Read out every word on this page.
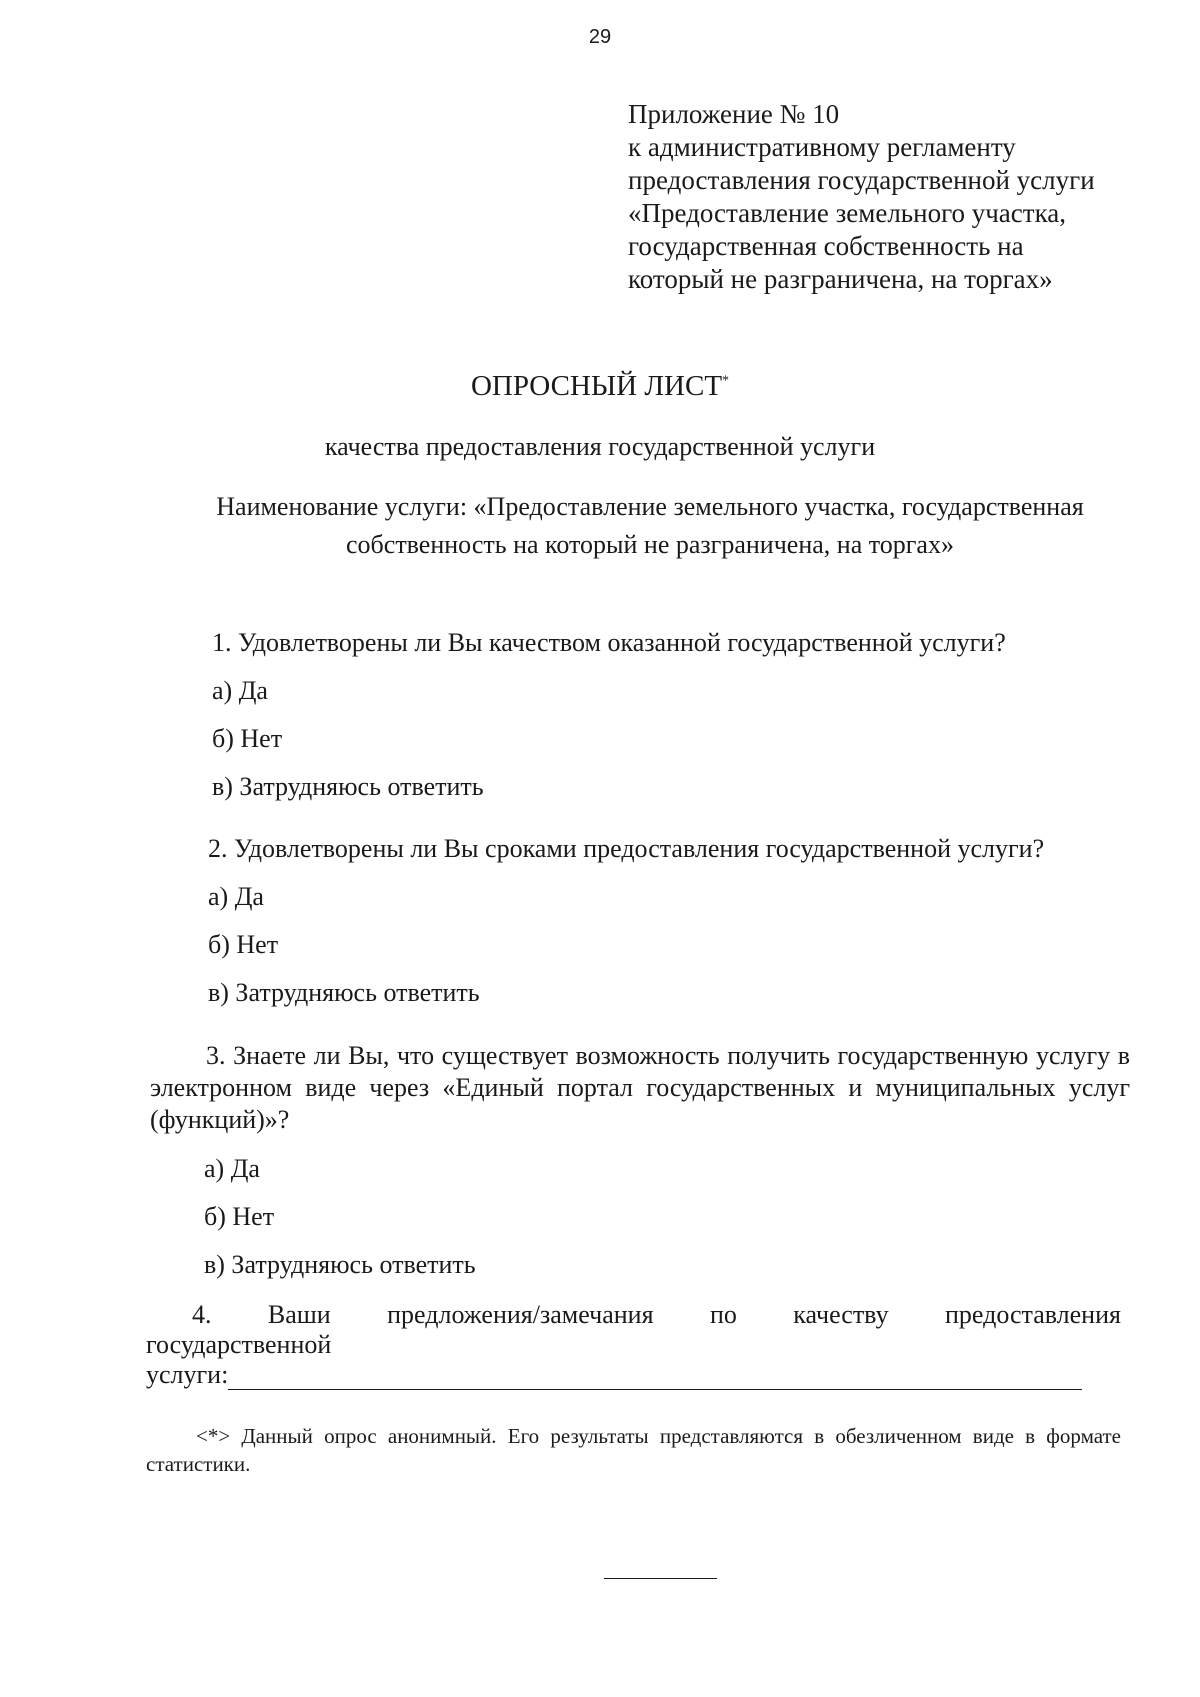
29
Приложение № 10
к административному регламенту
предоставления государственной услуги
«Предоставление земельного участка,
государственная собственность на
который не разграничена, на торгах»
ОПРОСНЫЙ ЛИСТ*
качества предоставления государственной услуги
Наименование услуги: «Предоставление земельного участка, государственная
собственность на который не разграничена, на торгах»
1. Удовлетворены ли Вы качеством оказанной государственной услуги?
а) Да
б) Нет
в) Затрудняюсь ответить
2. Удовлетворены ли Вы сроками предоставления государственной услуги?
а) Да
б) Нет
в) Затрудняюсь ответить
3. Знаете ли Вы, что существует возможность получить государственную услугу в электронном виде через «Единый портал государственных и муниципальных услуг (функций)»?
а) Да
б) Нет
в) Затрудняюсь ответить
4. Ваши предложения/замечания по качеству предоставления
государственной
услуги:
<*> Данный опрос анонимный. Его результаты представляются в обезличенном виде в формате статистики.
